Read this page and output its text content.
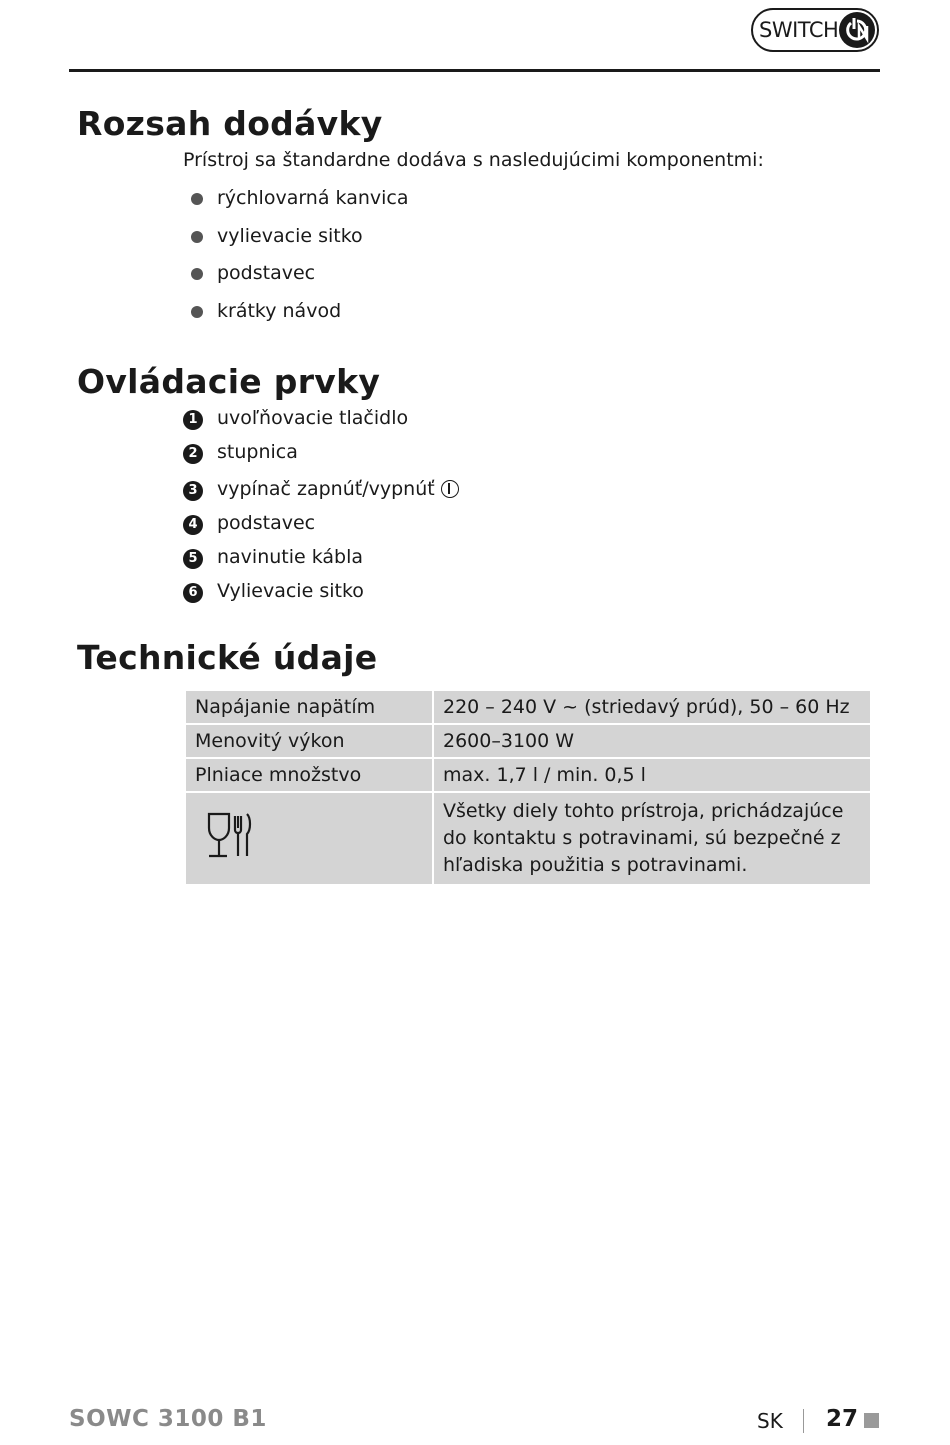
SWITCH
Rozsah dodávky
Prístroj sa štandardne dodáva s nasledujúcimi komponentmi:
rýchlovarná kanvica
vylievacie sitko
podstavec
krátky návod
Ovládacie prvky
1 uvoľňovacie tlačidlo
2 stupnica
3 vypínač zapnúť/vypnúť
4 podstavec
5 navinutie kábla
6 Vylievacie sitko
Technické údaje
Napájanie napätím	220 – 240 V ~ (striedavý prúd), 50 – 60 Hz
Menovitý výkon	2600–3100 W
Plniace množstvo	max. 1,7 l / min. 0,5 l
	Všetky diely tohto prístroja, prichádzajúce do kontaktu s potravinami, sú bezpečné z hľadiska použitia s potravinami.
SOWC 3100 B1	SK 27
